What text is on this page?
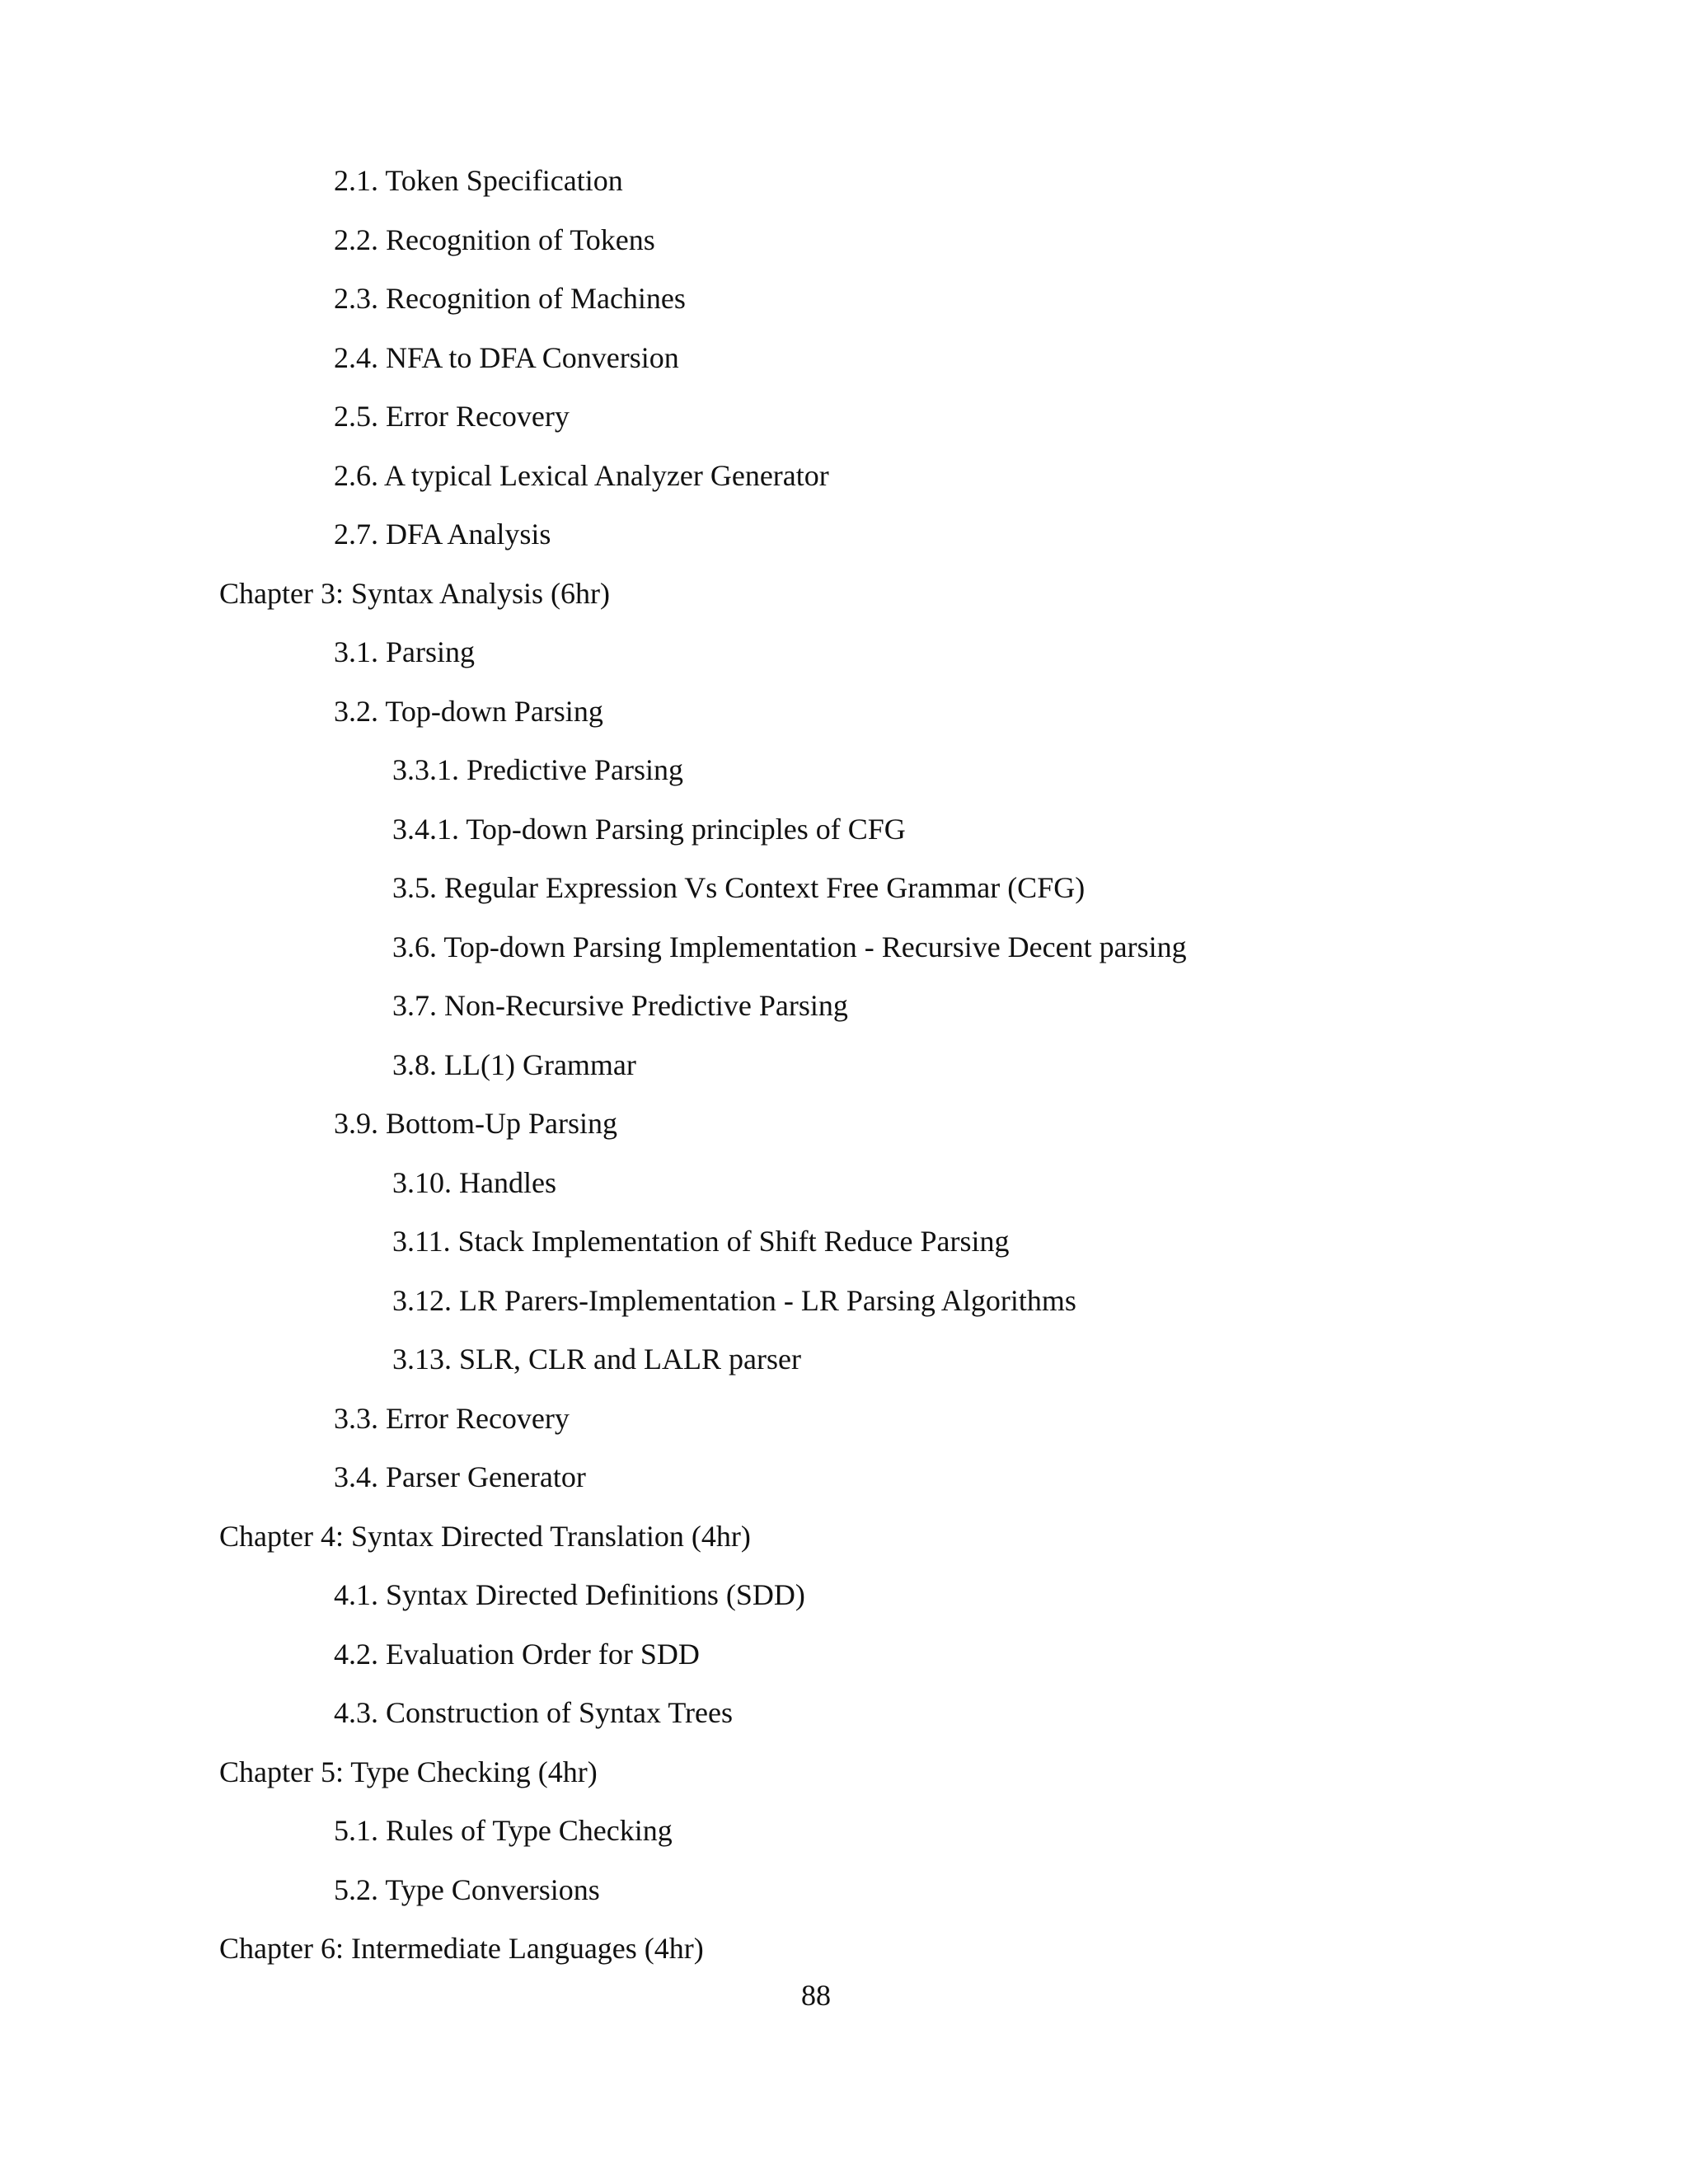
2.1. Token Specification
2.2. Recognition of Tokens
2.3. Recognition of Machines
2.4. NFA to DFA Conversion
2.5. Error Recovery
2.6. A typical Lexical Analyzer Generator
2.7. DFA Analysis
Chapter 3: Syntax Analysis (6hr)
3.1. Parsing
3.2. Top-down Parsing
3.3.1. Predictive Parsing
3.4.1. Top-down Parsing principles of CFG
3.5. Regular Expression Vs Context Free Grammar (CFG)
3.6. Top-down Parsing Implementation - Recursive Decent parsing
3.7. Non-Recursive Predictive Parsing
3.8. LL(1) Grammar
3.9. Bottom-Up Parsing
3.10. Handles
3.11. Stack Implementation of Shift Reduce Parsing
3.12. LR Parers-Implementation - LR Parsing Algorithms
3.13. SLR, CLR and LALR parser
3.3. Error Recovery
3.4. Parser Generator
Chapter 4: Syntax Directed Translation (4hr)
4.1. Syntax Directed Definitions (SDD)
4.2. Evaluation Order for SDD
4.3. Construction of Syntax Trees
Chapter 5: Type Checking (4hr)
5.1. Rules of Type Checking
5.2. Type Conversions
Chapter 6: Intermediate Languages (4hr)
88
